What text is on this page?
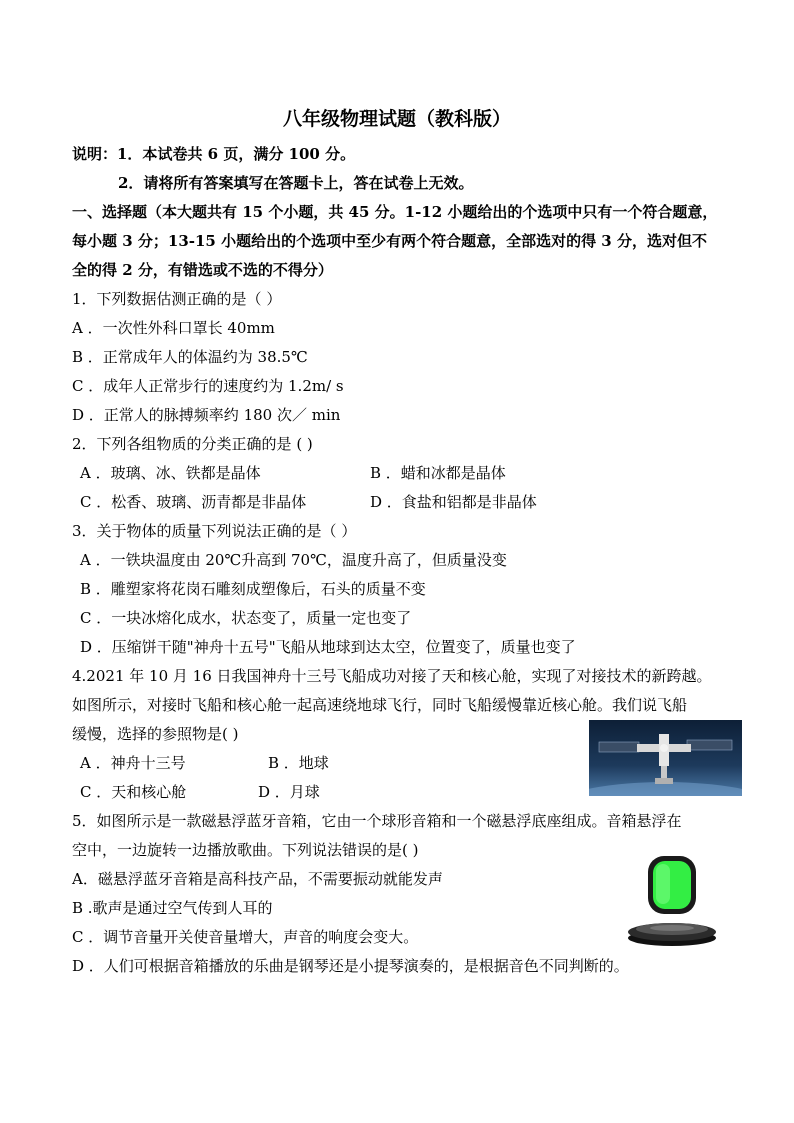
八年级物理试题（教科版）
说明：1．本试卷共 6 页，满分 100 分。
2．请将所有答案填写在答题卡上，答在试卷上无效。
一、选择题（本大题共有 15 个小题，共 45 分。1-12 小题给出的个选项中只有一个符合题意，
每小题 3 分；13-15 小题给出的个选项中至少有两个符合题意，全部选对的得 3 分，选对但不
全的得 2 分，有错选或不选的不得分）
1．下列数据估测正确的是（ ）
A ．一次性外科口罩长 40mm
B ．正常成年人的体温约为 38.5℃
C ．成年人正常步行的速度约为 1.2m/ s
D ．正常人的脉搏频率约 180 次／ min
2．下列各组物质的分类正确的是 ( )
A ．玻璃、冰、铁都是晶体	B ．蜡和冰都是晶体
C ．松香、玻璃、沥青都是非晶体	D ．食盐和铝都是非晶体
3．关于物体的质量下列说法正确的是（ ）
A ．一铁块温度由 20℃升高到 70℃，温度升高了，但质量没变
B ．雕塑家将花岗石雕刻成塑像后，石头的质量不变
C ．一块冰熔化成水，状态变了，质量一定也变了
D ．压缩饼干随"神舟十五号"飞船从地球到达太空，位置变了，质量也变了
4.2021 年 10 月 16 日我国神舟十三号飞船成功对接了天和核心舱，实现了对接技术的新跨越。
如图所示，对接时飞船和核心舱一起高速绕地球飞行，同时飞船缓慢靠近核心舱。我们说飞船
缓慢，选择的参照物是( )
A ．神舟十三号	B ．地球
C ．天和核心舱	D ．月球
5．如图所示是一款磁悬浮蓝牙音箱，它由一个球形音箱和一个磁悬浮底座组成。音箱悬浮在
空中，一边旋转一边播放歌曲。下列说法错误的是( )
A．磁悬浮蓝牙音箱是高科技产品，不需要振动就能发声
B .歌声是通过空气传到人耳的
C ．调节音量开关使音量增大，声音的响度会变大。
D ．人们可根据音箱播放的乐曲是钢琴还是小提琴演奏的，是根据音色不同判断的。
